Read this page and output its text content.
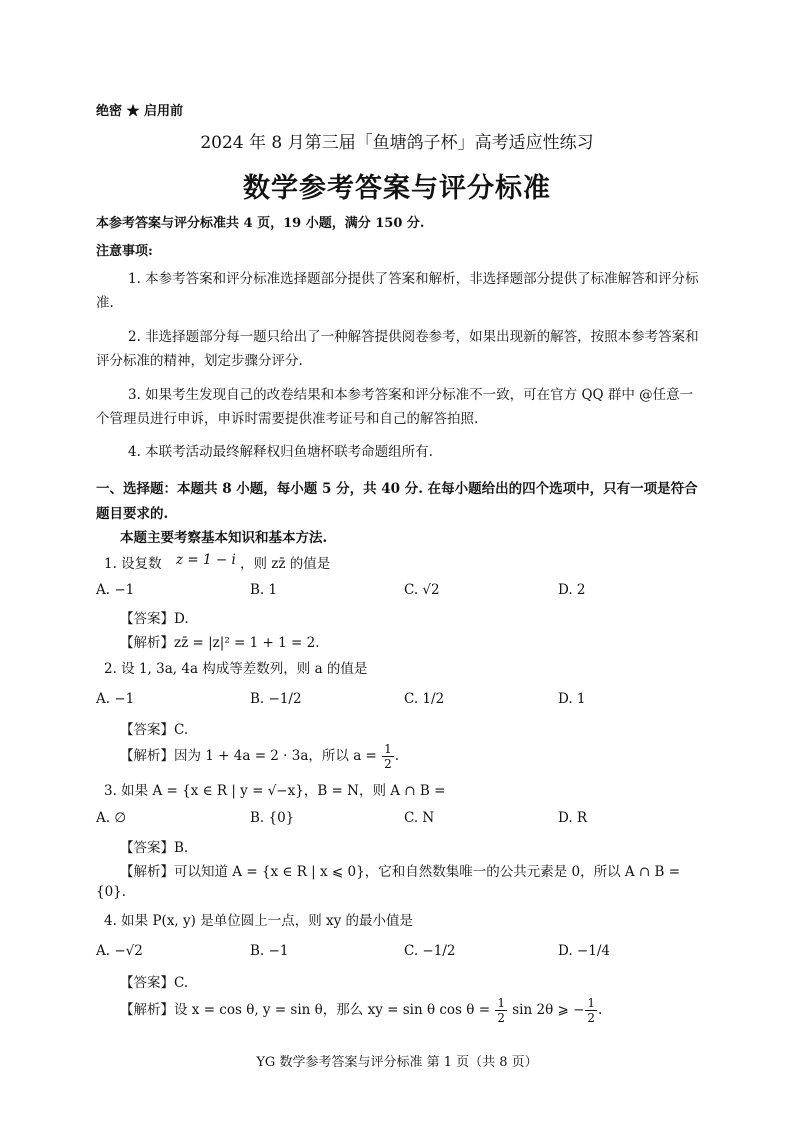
绝密 ★ 启用前
2024 年 8 月第三届「鱼塘鸽子杯」高考适应性练习
数学参考答案与评分标准
本参考答案与评分标准共 4 页，19 小题，满分 150 分.
注意事项:
1. 本参考答案和评分标准选择题部分提供了答案和解析，非选择题部分提供了标准解答和评分标准.
2. 非选择题部分每一题只给出了一种解答提供阅卷参考，如果出现新的解答，按照本参考答案和评分标准的精神，划定步骤分评分.
3. 如果考生发现自己的改卷结果和本参考答案和评分标准不一致，可在官方 QQ 群中 @任意一个管理员进行申诉，申诉时需要提供准考证号和自己的解答拍照.
4. 本联考活动最终解释权归鱼塘杯联考命题组所有.
一、选择题：本题共 8 小题，每小题 5 分，共 40 分. 在每小题给出的四个选项中，只有一项是符合题目要求的.
本题主要考察基本知识和基本方法.
1. 设复数 z = 1 − i ，则 zz̄ 的值是
A. −1	B. 1	C. √2	D. 2
【答案】D.
【解析】zz̄ = |z|² = 1 + 1 = 2.
2. 设 1, 3a, 4a 构成等差数列，则 a 的值是
A. −1	B. −1/2	C. 1/2	D. 1
【答案】C.
【解析】因为 1 + 4a = 2 · 3a，所以 $a = \frac{1}{2}$ .
3. 如果 A = {x ∈ R | y = √−x}，B = N，则 A ∩ B =
A. ∅	B. {0}	C. N	D. R
【答案】B.
【解析】可以知道 A = {x ∈ R | x ⩽ 0}，它和自然数集唯一的公共元素是 0，所以 A ∩ B =
{0}.
4. 如果 P(x, y) 是单位圆上一点，则 xy 的最小值是
A. −√2	B. −1	C. −1/2	D. −1/4
【答案】C.
【解析】设 x = cos θ, y = sin θ，那么 xy = sin θ $\cos \theta = \frac{1}{2}$ sin 2θ ⩾ − $\frac{1}{2}$ .
YG 数学参考答案与评分标准 第 1 页（共 8 页）
